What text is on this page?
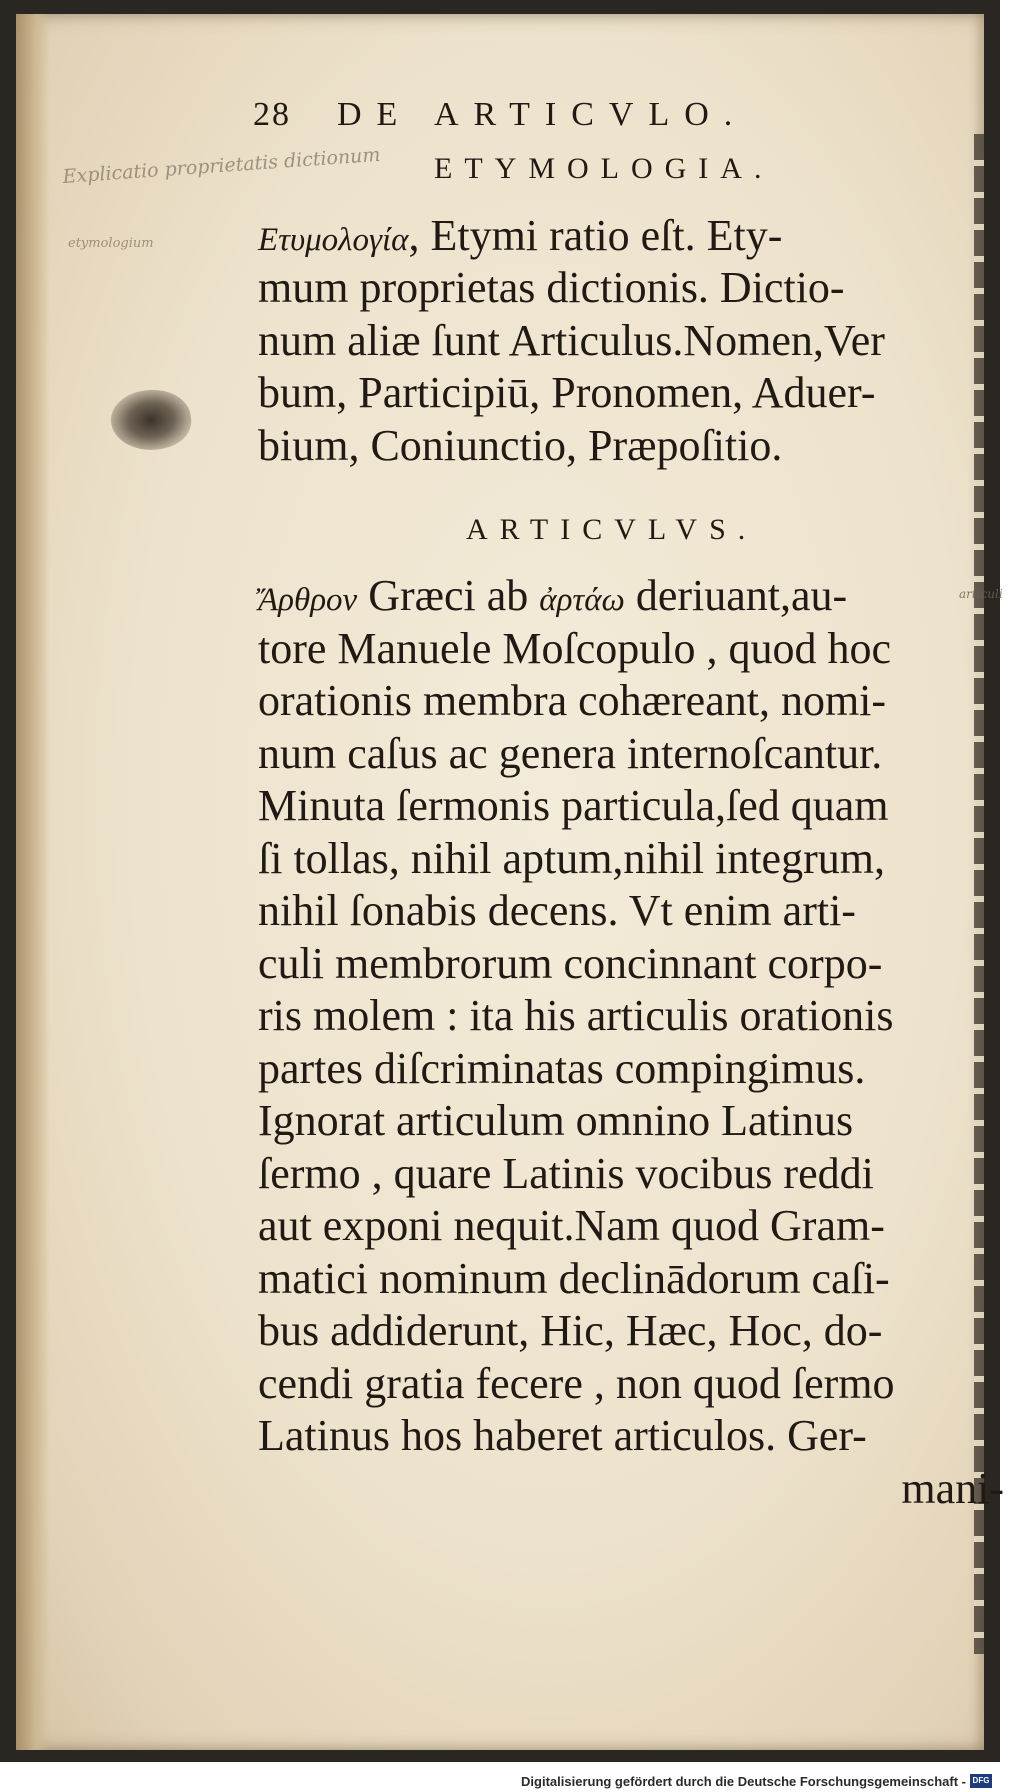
Explicatio proprietatis dictionum
etymologium
articuli
28 DE ARTICVLO.
ETYMOLOGIA.
Ετυμολογία, Etymi ratio eſt. Ety-
mum proprietas dictionis. Dictio-
num aliæ ſunt Articulus.Nomen,Ver
bum, Participiū, Pronomen, Aduer-
bium, Coniunctio, Præpoſitio.
ARTICVLVS.
Ἄρθρον Græci ab ἀρτάω deriuant,au-
tore Manuele Moſcopulo , quod hoc
orationis membra cohæreant, nomi-
num caſus ac genera internoſcantur.
Minuta ſermonis particula,ſed quam
ſi tollas, nihil aptum,nihil integrum,
nihil ſonabis decens. Vt enim arti-
culi membrorum concinnant corpo-
ris molem : ita his articulis orationis
partes diſcriminatas compingimus.
Ignorat articulum omnino Latinus
ſermo , quare Latinis vocibus reddi
aut exponi nequit.Nam quod Gram-
matici nominum declinādorum caſi-
bus addiderunt, Hic, Hæc, Hoc, do-
cendi gratia fecere , non quod ſermo
Latinus hos haberet articulos. Ger-
mani-
Digitalisierung gefördert durch die Deutsche Forschungsgemeinschaft - DFG
